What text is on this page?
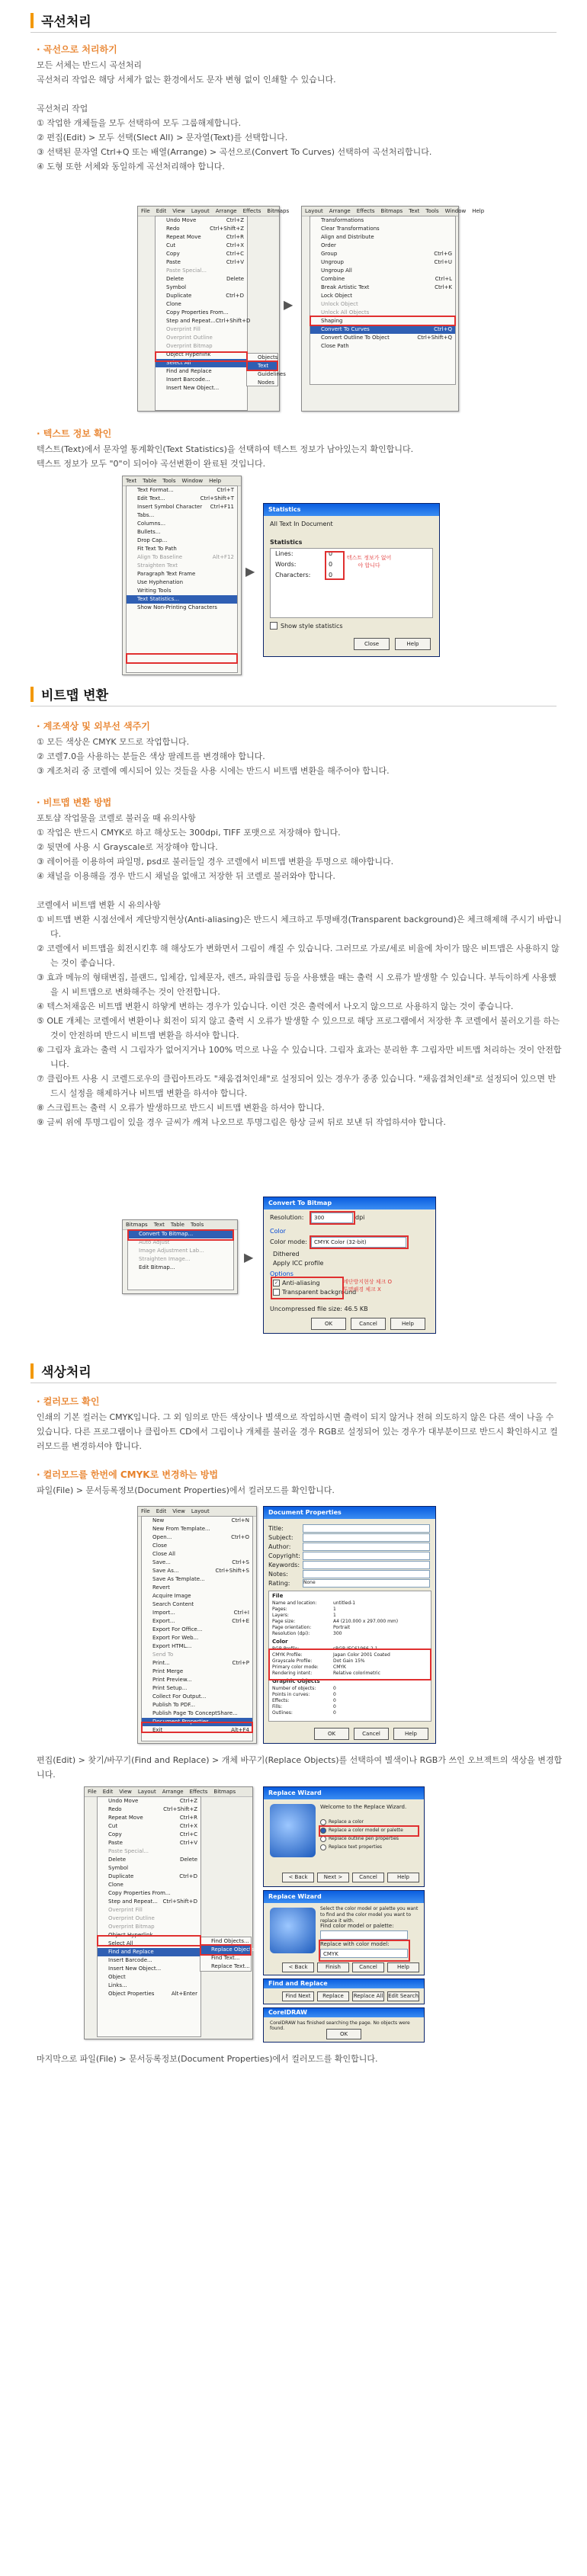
곡선처리
· 곡선으로 처리하기

모든 서체는 반드시 곡선처리

곡선처리 작업은 해당 서체가 없는 환경에서도 문자 변형 없이 인쇄할 수 있습니다.

곡선처리 작업

① 작업한 개체들을 모두 선택하여 모두 그룹해제합니다.

② 편집(Edit) > 모두 선택(Slect All) > 문자열(Text)를 선택합니다.

③ 선택된 문자열 Ctrl+Q 또는 배열(Arrange) > 곡선으로(Convert To Curves) 선택하여 곡선처리합니다.

④ 도형 또한 서체와 동일하게 곡선처리해야 합니다.

File Edit View Layout Arrange Effects Bitmaps
Undo Move	Ctrl+Z
Redo	Ctrl+Shift+Z
Repeat Move	Ctrl+R
Cut	Ctrl+X
Copy	Ctrl+C
Paste	Ctrl+V
Paste Special...
Delete	Delete
Symbol
Duplicate	Ctrl+D
Clone
Copy Properties From...
Step and Repeat... Ctrl+Shift+D
Overprint Fill
Overprint Outline
Overprint Bitmap
Object Hyperlink
Select All
Find and Replace
Insert Barcode...
Insert New Object...
Objects
Text
Guidelines
Nodes
▶
Layout Arrange Effects Bitmaps Text Tools Window Help
Transformations
Clear Transformations
Align and Distribute
Order
Group	Ctrl+G
Ungroup	Ctrl+U
Ungroup All
Combine	Ctrl+L
Break Artistic Text	Ctrl+K
Lock Object
Unlock Object
Unlock All Objects
Shaping
Convert To Curves	Ctrl+Q
Convert Outline To Object	Ctrl+Shift+Q
Close Path
· 텍스트 정보 확인

텍스트(Text)에서 문자열 통계확인(Text Statistics)을 선택하여 텍스트 정보가 남아있는지 확인합니다.

텍스트 정보가 모두 "0"이 되어야 곡선변환이 완료된 것입니다.

Text Table Tools Window Help
Text Format...	Ctrl+T
Edit Text...	Ctrl+Shift+T
Insert Symbol Character Ctrl+F11
Tabs...
Columns...
Bullets...
Drop Cap...
Fit Text To Path
Align To Baseline	Alt+F12
Straighten Text
Paragraph Text Frame
Use Hyphenation
Writing Tools
Text Statistics...
Show Non-Printing Characters
▶
Statistics
All Text In Document
Statistics
Lines:	0
Words:	0
Characters:	0
텍스트 정보가 없어야 합니다
Show style statistics
Close	Help
비트맵 변환
· 계조색상 및 외부선 색주기

① 모든 색상은 CMYK 모드로 작업합니다.

② 코렐7.0을 사용하는 분들은 색상 팔레트를 변경해야 합니다.

③ 계조처리 중 코렐에 예시되어 있는 것들을 사용 시에는 반드시 비트맵 변환을 해주어야 합니다.

· 비트맵 변환 방법

포토샵 작업물을 코렐로 불러올 때 유의사항

① 작업은 반드시 CMYK로 하고 해상도는 300dpi, TIFF 포맷으로 저장해야 합니다.

② 뒷면에 사용 시 Grayscale로 저장해야 합니다.

③ 레이어를 이용하여 파일명, psd로 불러들일 경우 코렐에서 비트맵 변환을 투명으로 해야합니다.

④ 채널을 이용해을 경우 반드시 채널을 없애고 저장한 뒤 코렐로 불러와야 합니다.

코렐에서 비트맵 변환 시 유의사항

① 비트맵 변환 시점선에서 계단방지현상(Anti-aliasing)은 반드시 체크하고 투명배경(Transparent background)은 체크해제해 주시기 바랍니다.

② 코렐에서 비트맵을 회전시킨후 해 해상도가 변화면서 그림이 깨질 수 있습니다. 그러므로 가로/세로 비율에 차이가 많은 비트맵은 사용하지 않는 것이 좋습니다.

③ 효과 메뉴의 형태변집, 블랜드, 입체감, 입체문자, 렌즈, 파워클립 등을 사용했을 때는 출력 시 오류가 발생할 수 있습니다. 부득이하게 사용했을 시 비트맵으로 변화해주는 것이 안전합니다.

④ 텍스처채움은 비트맵 변환시 하얗게 변하는 경우가 있습니다. 이런 것은 출력에서 나오지 않으므로 사용하지 않는 것이 좋습니다.

⑤ OLE 개체는 코렐에서 변환이나 회전이 되지 않고 출력 시 오류가 발생할 수 있으므로 해당 프로그램에서 저장한 후 코렐에서 불러오기를 하는 것이 안전하며 반드시 비트맵 변환을 하셔야 합니다.

⑥ 그림자 효과는 출력 시 그림자가 없어지거나 100% 먹으로 나올 수 있습니다. 그림자 효과는 분리한 후 그림자만 비트맵 처리하는 것이 안전합니다.

⑦ 클립아트 사용 시 코렐드로우의 클립아트라도 "채움겹쳐인쇄"로 설정되어 있는 경우가 종종 있습니다. "채움겹쳐인쇄"로 설정되어 있으면 반드시 설정을 해제하거나 비트맵 변환을 하셔야 합니다.

⑧ 스크립트는 출력 시 오류가 발생하므로 반드시 비트맵 변환을 하셔야 합니다.

⑨ 글씨 위에 투명그림이 있을 경우 글씨가 깨져 나오므로 투명그림은 항상 글씨 뒤로 보낸 뒤 작업하셔야 합니다.

Bitmaps Text Table Tools
Convert To Bitmap...
Auto Adjust
Image Adjustment Lab...
Straighten Image...
Edit Bitmap...
▶
Convert To Bitmap
Resolution:	300	dpi
Color
Color mode:	CMYK Color (32-bit)
Dithered
Apply ICC profile
Options
✓ Anti-aliasing
Transparent background
계단방지현상 체크 O
투명배경 체크 X
Uncompressed file size: 46.5 KB
OK	Cancel	Help
색상처리
· 컬러모드 확인
인쇄의 기본 컬러는 CMYK입니다. 그 외 임의로 만든 색상이나 별색으로 작업하시면 출력이 되지 않거나 전혀 의도하지 않은 다른 색이 나올 수 있습니다. 다른 프로그램이나 클립아트 CD에서 그림이나 개체를 불러올 경우 RGB로 설정되어 있는 경우가 대부분이므로 반드시 확인하시고 컬러모드를 변경하셔야 합니다.
· 컬러모드를 한번에 CMYK로 변경하는 방법
파일(File) > 문서등록정보(Document Properties)에서 컬러모드를 확인합니다.
File Edit View Layout
New	Ctrl+N
New From Template...
Open...	Ctrl+O
Close
Close All
Save...	Ctrl+S
Save As...	Ctrl+Shift+S
Save As Template...
Revert
Acquire Image
Search Content
Import...	Ctrl+I
Export...	Ctrl+E
Export For Office...
Export For Web...
Export HTML...
Send To
Print...	Ctrl+P
Print Merge
Print Preview...
Print Setup...
Collect For Output...
Publish To PDF...
Publish Page To ConceptShare...
Document Properties...
Exit	Alt+F4
Document Properties
Title:
Subject:
Author:
Copyright:
Keywords:
Notes:
Rating:	None
File
Name and location:	untitled-1
Pages:	1
Layers:	1
Page size:	A4 (210.000 x 297.000 mm)
Page orientation:	Portrait
Resolution (dpi):	300
Color
RGB Profile:	sRGB IEC61966-2.1
CMYK Profile:	Japan Color 2001 Coated
Grayscale Profile:	Dot Gain 15%
Primary color mode:	CMYK
Rendering intent:	Relative colorimetric
Graphic Objects
Number of objects:	0
Points in curves:	0
Effects:	0
Fills:	0
Outlines:	0
OK	Cancel	Help
편집(Edit) > 찾기/바꾸기(Find and Replace) > 개체 바꾸기(Replace Objects)를 선택하여 별색이나 RGB가 쓰인 오브젝트의 색상을 변경합니다.
File Edit View Layout Arrange Effects Bitmaps
Undo Move	Ctrl+Z
Redo	Ctrl+Shift+Z
Repeat Move	Ctrl+R
Cut	Ctrl+X
Copy	Ctrl+C
Paste	Ctrl+V
Paste Special...
Delete	Delete
Symbol
Duplicate	Ctrl+D
Clone
Copy Properties From...
Step and Repeat... Ctrl+Shift+D
Overprint Fill
Overprint Outline
Overprint Bitmap
Object Hyperlink
Select All
Find and Replace
Insert Barcode...
Insert New Object...
Object
Links...
Object Properties	Alt+Enter
Find Objects...
Replace Objects...
Find Text...
Replace Text...
Replace Wizard
Welcome to the Replace Wizard.
Replace a color
Replace a color model or palette
Replace outline pen properties
Replace text properties
< Back	Next >	Cancel	Help
Replace Wizard
Select the color model or palette you want to find and the color model you want to replace it with.
Find color model or palette:
Replace with color model:
CMYK
< Back	Finish	Cancel	Help
Find and Replace
Find Next	Replace	Replace All Edit Search
CorelDRAW
CorelDRAW has finished searching the page. No objects were found.
OK
마지막으로 파일(File) > 문서등록정보(Document Properties)에서 컬러모드를 확인합니다.
